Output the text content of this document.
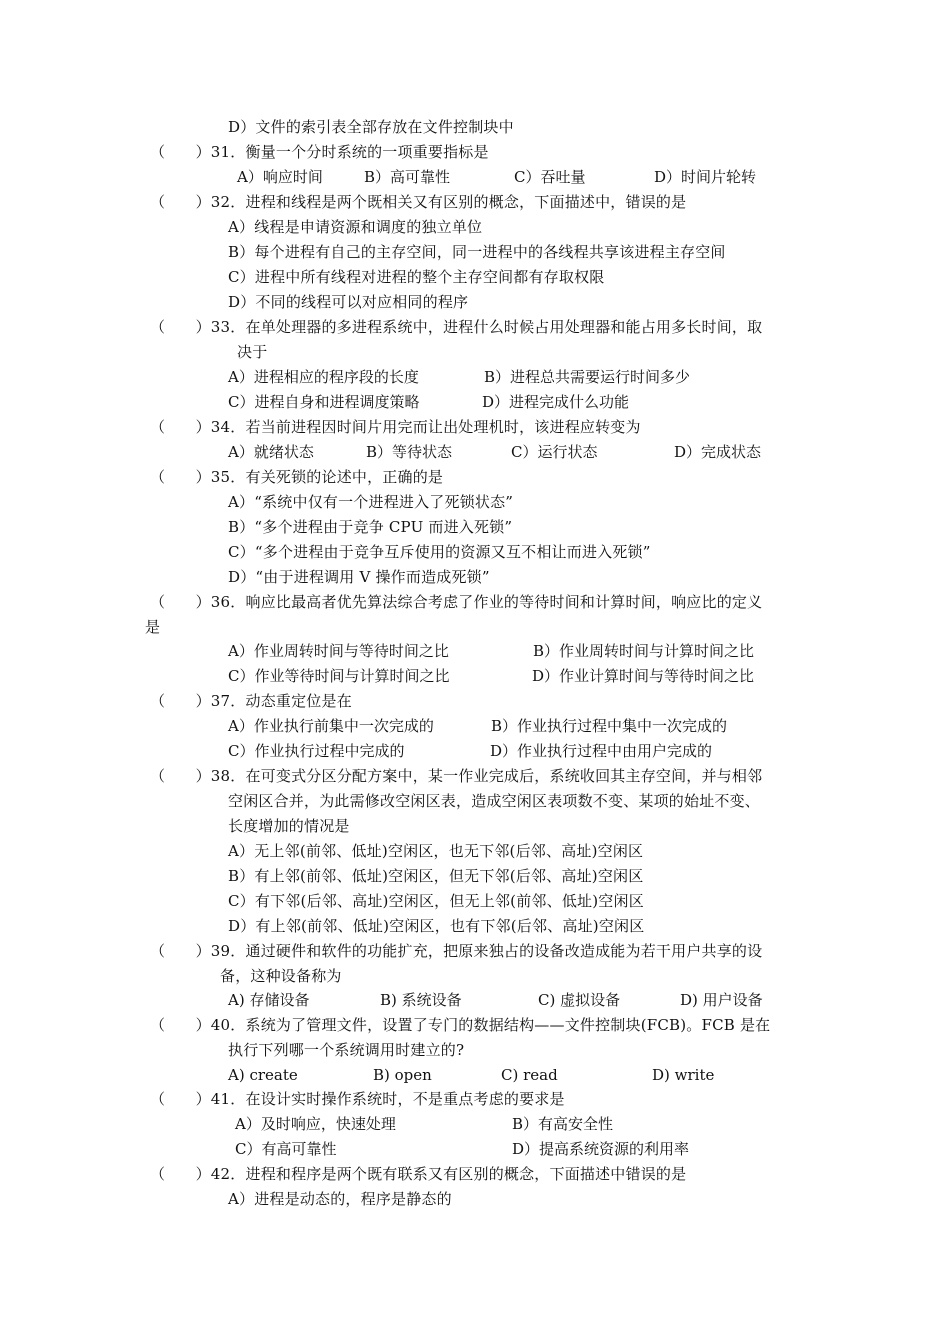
D）文件的索引表全部存放在文件控制块中
（　　）31．衡量一个分时系统的一项重要指标是
A）响应时间	B）高可靠性	C）吞吐量	D）时间片轮转
（　　）32．进程和线程是两个既相关又有区别的概念，下面描述中，错误的是
A）线程是申请资源和调度的独立单位
B）每个进程有自己的主存空间，同一进程中的各线程共享该进程主存空间
C）进程中所有线程对进程的整个主存空间都有存取权限
D）不同的线程可以对应相同的程序
（　　）33．在单处理器的多进程系统中，进程什么时候占用处理器和能占用多长时间，取
决于
A）进程相应的程序段的长度	B）进程总共需要运行时间多少
C）进程自身和进程调度策略	D）进程完成什么功能
（　　）34．若当前进程因时间片用完而让出处理机时，该进程应转变为
A）就绪状态	B）等待状态	C）运行状态	D）完成状态
（　　）35．有关死锁的论述中，正确的是
A）“系统中仅有一个进程进入了死锁状态”
B）“多个进程由于竞争 CPU 而进入死锁”
C）“多个进程由于竞争互斥使用的资源又互不相让而进入死锁”
D）“由于进程调用 V 操作而造成死锁”
（　　）36．响应比最高者优先算法综合考虑了作业的等待时间和计算时间，响应比的定义
是
A）作业周转时间与等待时间之比	B）作业周转时间与计算时间之比
C）作业等待时间与计算时间之比	D）作业计算时间与等待时间之比
（　　）37．动态重定位是在
A）作业执行前集中一次完成的	B）作业执行过程中集中一次完成的
C）作业执行过程中完成的	D）作业执行过程中由用户完成的
（　　）38．在可变式分区分配方案中，某一作业完成后，系统收回其主存空间，并与相邻
空闲区合并，为此需修改空闲区表，造成空闲区表项数不变、某项的始址不变、
长度增加的情况是
A）无上邻(前邻、低址)空闲区，也无下邻(后邻、高址)空闲区
B）有上邻(前邻、低址)空闲区，但无下邻(后邻、高址)空闲区
C）有下邻(后邻、高址)空闲区，但无上邻(前邻、低址)空闲区
D）有上邻(前邻、低址)空闲区，也有下邻(后邻、高址)空闲区
（　　）39．通过硬件和软件的功能扩充，把原来独占的设备改造成能为若干用户共享的设
备，这种设备称为
A) 存储设备	B) 系统设备	C) 虚拟设备	D) 用户设备
（　　）40．系统为了管理文件，设置了专门的数据结构——文件控制块(FCB)。FCB 是在
执行下列哪一个系统调用时建立的?
A) create	B) open	C) read	D) write
（　　）41．在设计实时操作系统时，不是重点考虑的要求是
A）及时响应，快速处理	B）有高安全性
C）有高可靠性	D）提高系统资源的利用率
（　　）42．进程和程序是两个既有联系又有区别的概念，下面描述中错误的是
A）进程是动态的，程序是静态的
